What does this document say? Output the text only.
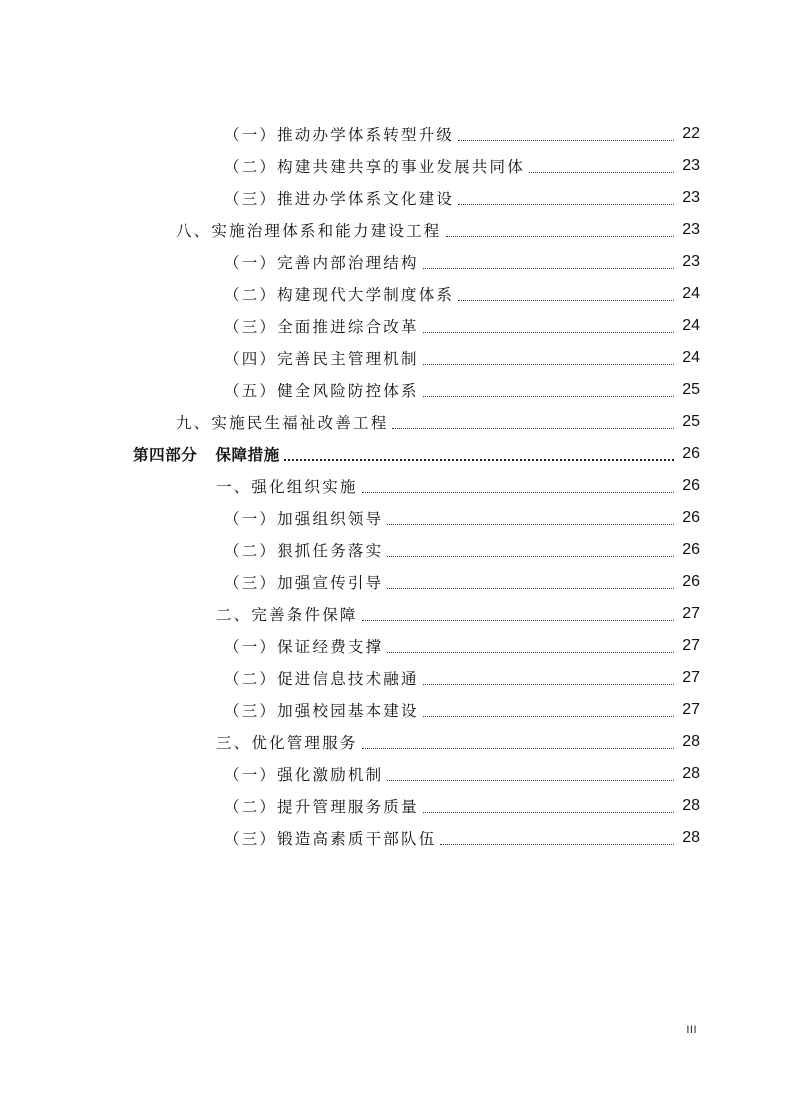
（一）推动办学体系转型升级	22
（二）构建共建共享的事业发展共同体	23
（三）推进办学体系文化建设	23
八、实施治理体系和能力建设工程	23
（一）完善内部治理结构	23
（二）构建现代大学制度体系	24
（三）全面推进综合改革	24
（四）完善民主管理机制	24
（五）健全风险防控体系	25
九、实施民生福祉改善工程	25
第四部分 保障措施	26
一、强化组织实施	26
（一）加强组织领导	26
（二）狠抓任务落实	26
（三）加强宣传引导	26
二、完善条件保障	27
（一）保证经费支撑	27
（二）促进信息技术融通	27
（三）加强校园基本建设	27
三、优化管理服务	28
（一）强化激励机制	28
（二）提升管理服务质量	28
（三）锻造高素质干部队伍	28
III
